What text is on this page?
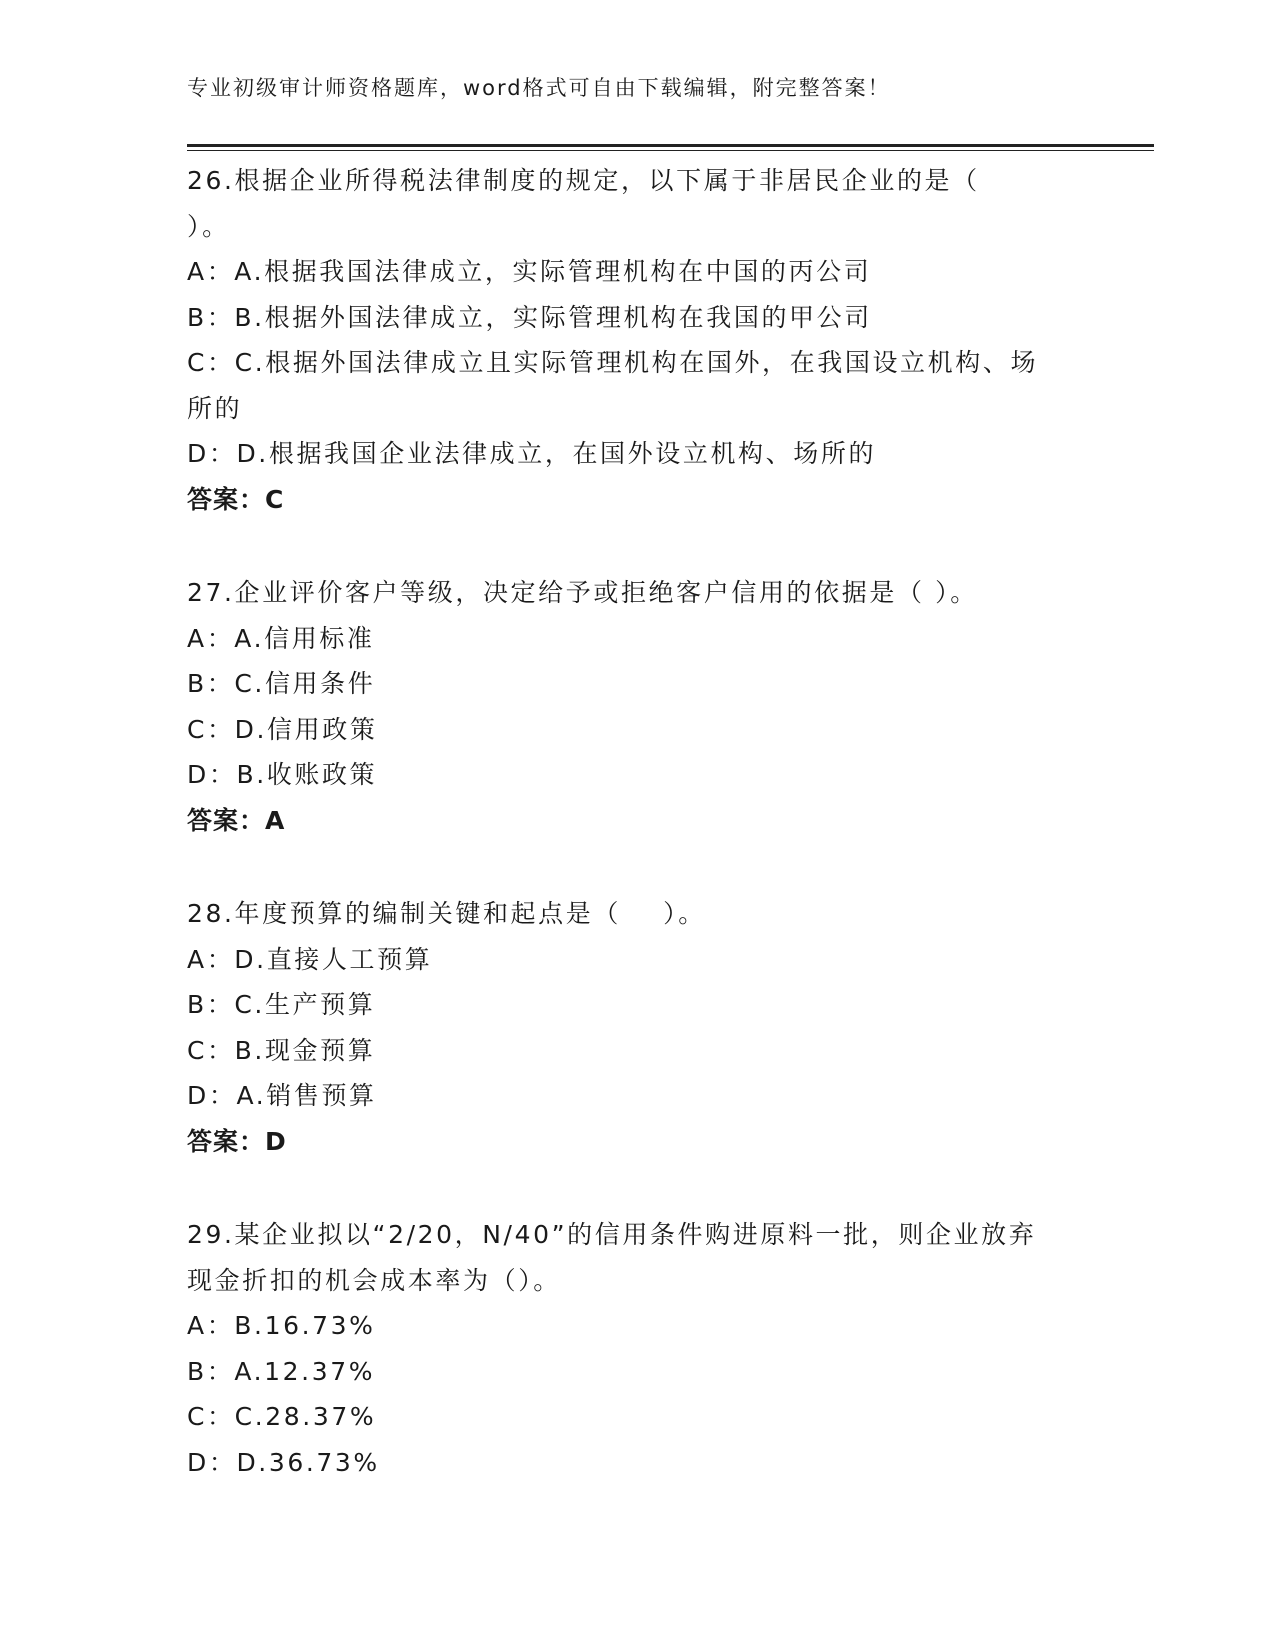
专业初级审计师资格题库，word格式可自由下载编辑，附完整答案！
26.根据企业所得税法律制度的规定，以下属于非居民企业的是（
）。
A：A.根据我国法律成立，实际管理机构在中国的丙公司
B：B.根据外国法律成立，实际管理机构在我国的甲公司
C：C.根据外国法律成立且实际管理机构在国外，在我国设立机构、场
所的
D：D.根据我国企业法律成立，在国外设立机构、场所的
答案：C
27.企业评价客户等级，决定给予或拒绝客户信用的依据是（ ）。
A：A.信用标准
B：C.信用条件
C：D.信用政策
D：B.收账政策
答案：A
28.年度预算的编制关键和起点是（    ）。
A：D.直接人工预算
B：C.生产预算
C：B.现金预算
D：A.销售预算
答案：D
29.某企业拟以“2/20，N/40”的信用条件购进原料一批，则企业放弃
现金折扣的机会成本率为（）。
A：B.16.73%
B：A.12.37%
C：C.28.37%
D：D.36.73%
